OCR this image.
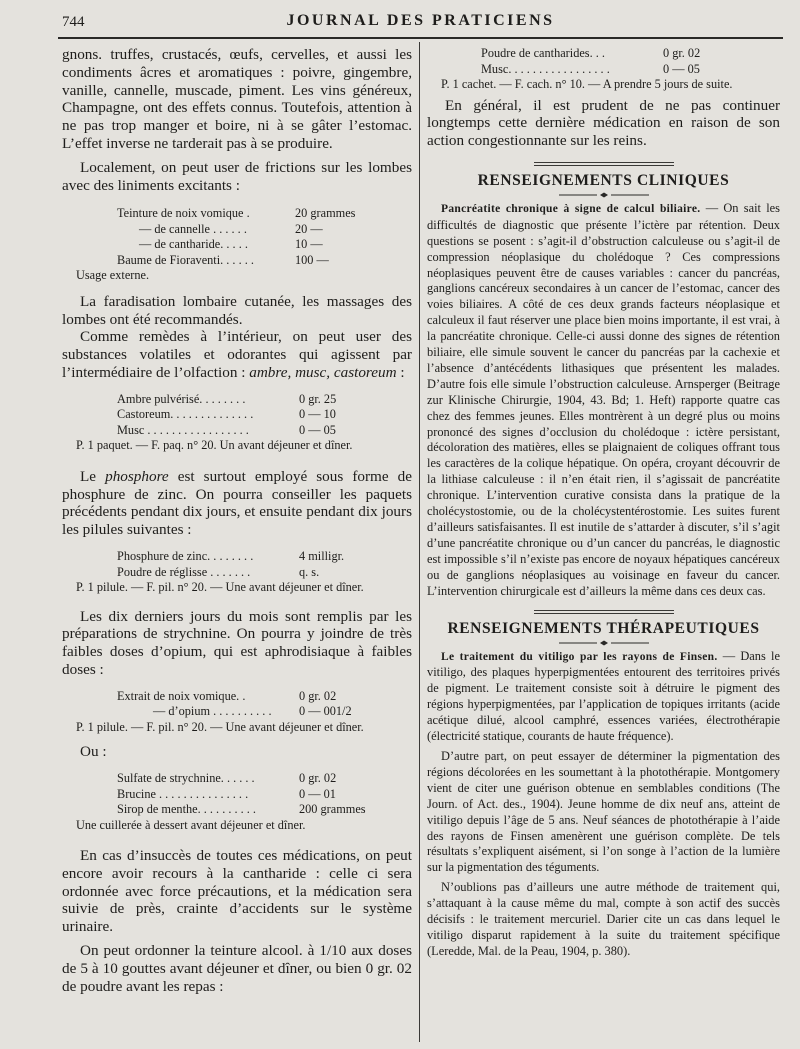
744	JOURNAL DES PRATICIENS

gnons. truffes, crustacés, œufs, cervelles, et aussi les condiments âcres et aromatiques : poivre, gingembre, vanille, cannelle, muscade, piment. Les vins généreux, Champagne, ont des effets connus. Toutefois, attention à ne pas trop manger et boire, ni à se gâter l’estomac. L’effet inverse ne tarderait pas à se produire.

Localement, on peut user de frictions sur les lombes avec des liniments excitants :

Teinture de noix vomique .	20 grammes
— de cannelle . . . . . .	20 —
— de cantharide. . . . .	10 —
Baume de Fioraventi. . . . . .	100 —
Usage externe.

La faradisation lombaire cutanée, les massages des lombes ont été recommandés.

Comme remèdes à l’intérieur, on peut user des substances volatiles et odorantes qui agissent par l’intermédiaire de l’olfaction : ambre, musc, castoreum :

Ambre pulvérisé. . . . . . . .	0 gr. 25
Castoreum. . . . . . . . . . . . . .	0 — 10
Musc . . . . . . . . . . . . . . . . .	0 — 05
P. 1 paquet. — F. paq. n° 20. Un avant déjeuner et dîner.

Le phosphore est surtout employé sous forme de phosphure de zinc. On pourra conseiller les paquets précédents pendant dix jours, et ensuite pendant dix jours les pilules suivantes :

Phosphure de zinc. . . . . . . .	4 milligr.
Poudre de réglisse . . . . . . .	q. s.
P. 1 pilule. — F. pil. n° 20. — Une avant déjeuner et dîner.

Les dix derniers jours du mois sont remplis par les préparations de strychnine. On pourra y joindre de très faibles doses d’opium, qui est aphrodisiaque à faibles doses :

Extrait de noix vomique. .	0 gr. 02
— d’opium . . . . . . . . . .	0 — 001/2
P. 1 pilule. — F. pil. n° 20. — Une avant déjeuner et dîner.
Ou :
Sulfate de strychnine. . . . . .	0 gr. 02
Brucine . . . . . . . . . . . . . . .	0 — 01
Sirop de menthe. . . . . . . . . .	200 grammes
Une cuillerée à dessert avant déjeuner et dîner.

En cas d’insuccès de toutes ces médications, on peut encore avoir recours à la cantharide : celle ci sera ordonnée avec force précautions, et la médication sera suivie de près, crainte d’accidents sur le système urinaire.

On peut ordonner la teinture alcool. à 1/10 aux doses de 5 à 10 gouttes avant déjeuner et dîner, ou bien 0 gr. 02 de poudre avant les repas :

Poudre de cantharides. . .	0 gr. 02
Musc. . . . . . . . . . . . . . . . .	0 — 05
P. 1 cachet. — F. cach. n° 10. — A prendre 5 jours de suite.

En général, il est prudent de ne pas continuer longtemps cette dernière médication en raison de son action congestionnante sur les reins.

RENSEIGNEMENTS CLINIQUES

Pancréatite chronique à signe de calcul biliaire. — On sait les difficultés de diagnostic que présente l’ictère par rétention. Deux questions se posent : s’agit-il d’obstruction calculeuse ou s’agit-il de compression néoplasique du cholédoque ? Ces compressions néoplasiques peuvent être de causes variables : cancer du pancréas, ganglions cancéreux secondaires à un cancer de l’estomac, cancer des voies biliaires. A côté de ces deux grands facteurs néoplasique et calculeux il faut réserver une place bien moins importante, il est vrai, à la pancréatite chronique. Celle-ci aussi donne des signes de rétention biliaire, elle simule souvent le cancer du pancréas par la cachexie et l’absence d’antécédents lithasiques que présentent les malades. D’autre fois elle simule l’obstruction calculeuse. Arnsperger (Beitrage zur Klinische Chirurgie, 1904, 43. Bd; 1. Heft) rapporte quatre cas chez des femmes jeunes. Elles montrèrent à un degré plus ou moins prononcé des signes d’occlusion du cholédoque : ictère persistant, décoloration des matières, elles se plaignaient de coliques offrant tous les caractères de la colique hépatique. On opéra, croyant découvrir de la lithiase calculeuse : il n’en était rien, il s’agissait de pancréatite chronique. L’intervention curative consista dans la pratique de la cholécystostomie, ou de la cholécystentérostomie. Les suites furent d’ailleurs satisfaisantes. Il est inutile de s’attarder à discuter, s’il s’agit d’une pancréatite chronique ou d’un cancer du pancréas, le diagnostic est impossible s’il n’existe pas encore de noyaux hépatiques cancéreux ou de ganglions néoplasiques au voisinage en faveur du cancer. L’intervention chirurgicale est d’ailleurs la même dans ces deux cas.

RENSEIGNEMENTS THÉRAPEUTIQUES

Le traitement du vitiligo par les rayons de Finsen. — Dans le vitiligo, des plaques hyperpigmentées entourent des territoires privés de pigment. Le traitement consiste soit à détruire le pigment des régions hyperpigmentées, par l’application de topiques irritants (acide acétique dilué, alcool camphré, essences variées, électrothérapie (électricité statique, courants de haute fréquence).

D’autre part, on peut essayer de déterminer la pigmentation des régions décolorées en les soumettant à la photothérapie. Montgomery vient de citer une guérison obtenue en semblables conditions (The Journ. of Act. des., 1904). Jeune homme de dix neuf ans, atteint de vitiligo depuis l’âge de 5 ans. Neuf séances de photothérapie à l’aide des rayons de Finsen amenèrent une guérison complète. De tels résultats s’expliquent aisément, si l’on songe à l’action de la lumière sur la pigmentation des téguments.

N’oublions pas d’ailleurs une autre méthode de traitement qui, s’attaquant à la cause même du mal, compte à son actif des succès décisifs : le traitement mercuriel. Darier cite un cas dans lequel le vitiligo disparut rapidement à la suite du traitement spécifique (Leredde, Mal. de la Peau, 1904, p. 380).
